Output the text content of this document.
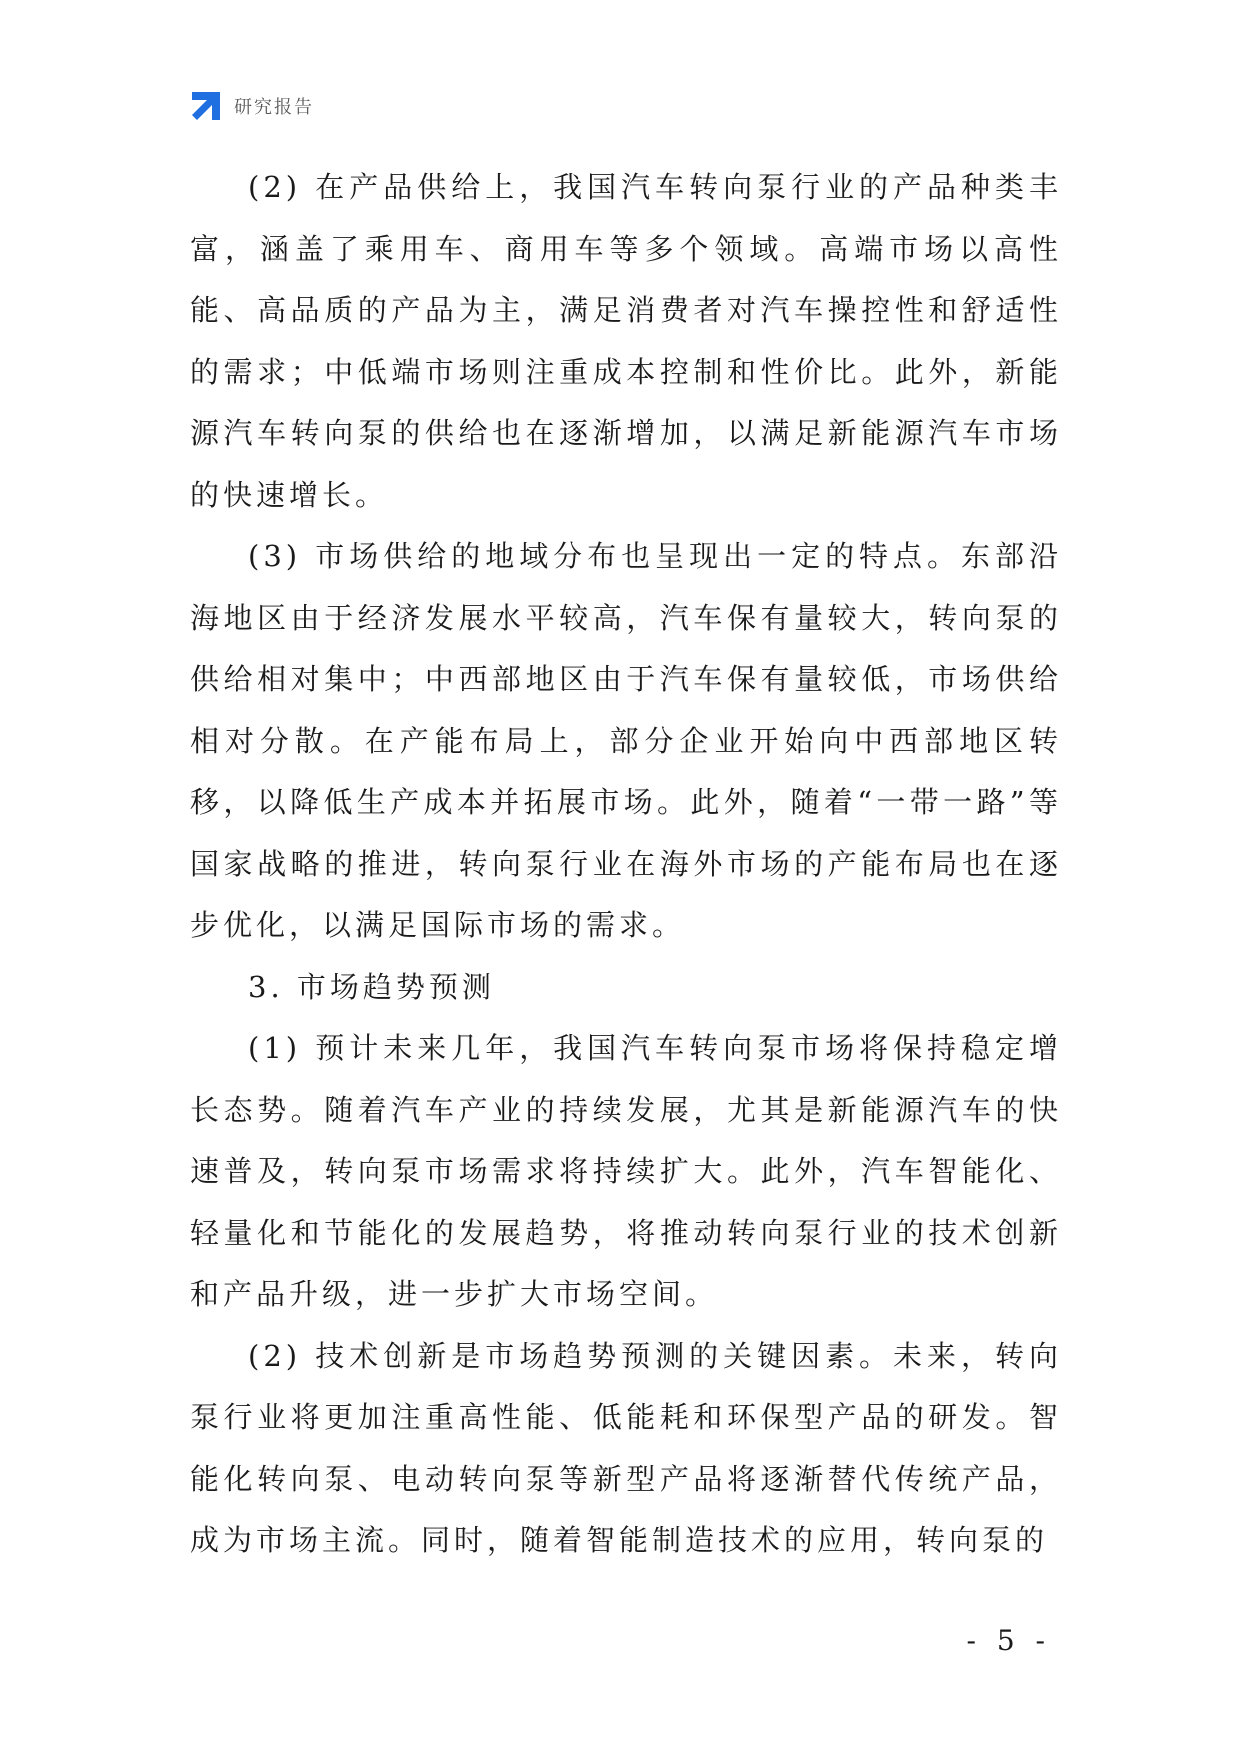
研究报告

(2) 在产品供给上，我国汽车转向泵行业的产品种类丰富，涵盖了乘用车、商用车等多个领域。高端市场以高性能、高品质的产品为主，满足消费者对汽车操控性和舒适性的需求；中低端市场则注重成本控制和性价比。此外，新能源汽车转向泵的供给也在逐渐增加，以满足新能源汽车市场的快速增长。

(3) 市场供给的地域分布也呈现出一定的特点。东部沿海地区由于经济发展水平较高，汽车保有量较大，转向泵的供给相对集中；中西部地区由于汽车保有量较低，市场供给相对分散。在产能布局上，部分企业开始向中西部地区转移，以降低生产成本并拓展市场。此外，随着“一带一路”等国家战略的推进，转向泵行业在海外市场的产能布局也在逐步优化，以满足国际市场的需求。

3. 市场趋势预测

(1) 预计未来几年，我国汽车转向泵市场将保持稳定增长态势。随着汽车产业的持续发展，尤其是新能源汽车的快速普及，转向泵市场需求将持续扩大。此外，汽车智能化、轻量化和节能化的发展趋势，将推动转向泵行业的技术创新和产品升级，进一步扩大市场空间。

(2) 技术创新是市场趋势预测的关键因素。未来，转向泵行业将更加注重高性能、低能耗和环保型产品的研发。智能化转向泵、电动转向泵等新型产品将逐渐替代传统产品，成为市场主流。同时，随着智能制造技术的应用，转向泵的

- 5 -
